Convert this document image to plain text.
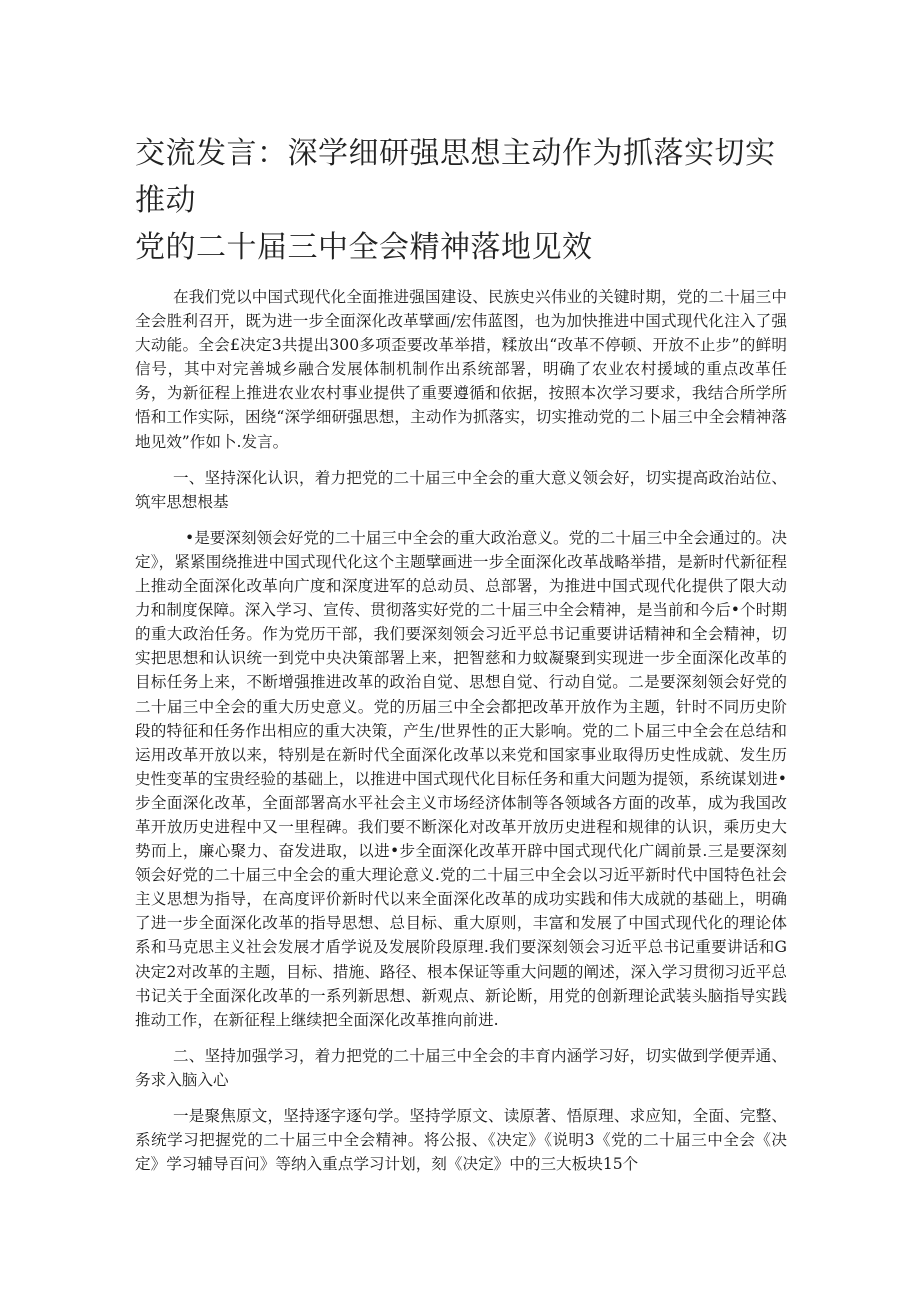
交流发言：深学细研强思想主动作为抓落实切实推动
党的二十届三中全会精神落地见效

在我们党以中国式现代化全面推进强国建设、民族史兴伟业的关键时期，党的二十届三中全会胜利召开，既为进一步全面深化改革擘画/宏伟蓝图，也为加快推进中国式现代化注入了强大动能。全会£决定3共提出300多项歪要改革举措，糅放出“改革不停顿、开放不止步”的鲜明信号，其中对完善城乡融合发展体制机制作出系统部署，明确了农业农村援域的重点改革任务，为新征程上推进农业农村事业提供了重要遵循和依据，按照本次学习要求，我结合所学所悟和工作实际，困绕“深学细研强思想，主动作为抓落实，切实推动党的二卜届三中全会精神落地见效”作如卜.发言。

一、坚持深化认识，着力把党的二十届三中全会的重大意义领会好，切实提高政治站位、筑牢思想根基

•是要深刻领会好党的二十届三中全会的重大政治意义。党的二十届三中全会通过的。决定》，紧紧围绕推进中国式现代化这个主题擘画进一步全面深化改革战略举措，是新时代新征程上推动全面深化改革向广度和深度进军的总动员、总部署，为推进中国式现代化提供了限大动力和制度保障。深入学习、宣传、贯彻落实好党的二十届三中全会精神，是当前和今后•个时期的重大政治任务。作为党历干部，我们要深刻领会习近平总书记重要讲话精神和全会精神，切实把思想和认识统一到党中央决策部署上来，把智慈和力蚊凝聚到实现进一步全面深化改革的目标任务上来，不断增强推进改革的政治自觉、思想自觉、行动自觉。二是要深刻领会好党的二十届三中全会的重大历史意义。党的历届三中全会都把改革开放作为主题，针时不同历史阶段的特征和任务作出相应的重大决策，产生/世界性的正大影响。党的二卜届三中全会在总结和运用改革开放以来，特别是在新时代全面深化改革以来党和国家事业取得历史性成就、发生历史性变革的宝贵经验的基础上，以推进中国式现代化目标任务和重大问题为提领，系统谋划进•步全面深化改革，全面部署高水平社会主义市场经济体制等各领域各方面的改革，成为我国改革开放历史进程中又一里程碑。我们要不断深化对改革开放历史进程和规律的认识，乘历史大势而上，廉心聚力、奋发进取，以进•步全面深化改革开辟中国式现代化广阔前景.三是要深刻领会好党的二十届三中全会的重大理论意义.党的二十届三中全会以习近平新时代中国特色社会主义思想为指导，在高度评价新时代以来全面深化改革的成功实践和伟大成就的基础上，明确了进一步全面深化改革的指导思想、总目标、重大原则，丰富和发展了中国式现代化的理论体系和马克思主义社会发展才盾学说及发展阶段原理.我们要深刻领会习近平总书记重要讲话和G决定2对改革的主题，目标、措施、路径、根本保证等重大问题的阐述，深入学习贯彻习近平总书记关于全面深化改革的一系列新思想、新观点、新论断，用党的创新理论武装头脑指导实践推动工作，在新征程上继续把全面深化改革推向前进.

二、坚持加强学习，着力把党的二十届三中全会的丰育内涵学习好，切实做到学便弄通、务求入脑入心

一是聚焦原文，坚持逐字逐句学。坚持学原文、读原著、悟原理、求应知，全面、完整、系统学习把握党的二十届三中全会精神。将公报、《决定》《说明3《党的二十届三中全会《决定》学习辅导百问》等纳入重点学习计划，刻《决定》中的三大板块15个
